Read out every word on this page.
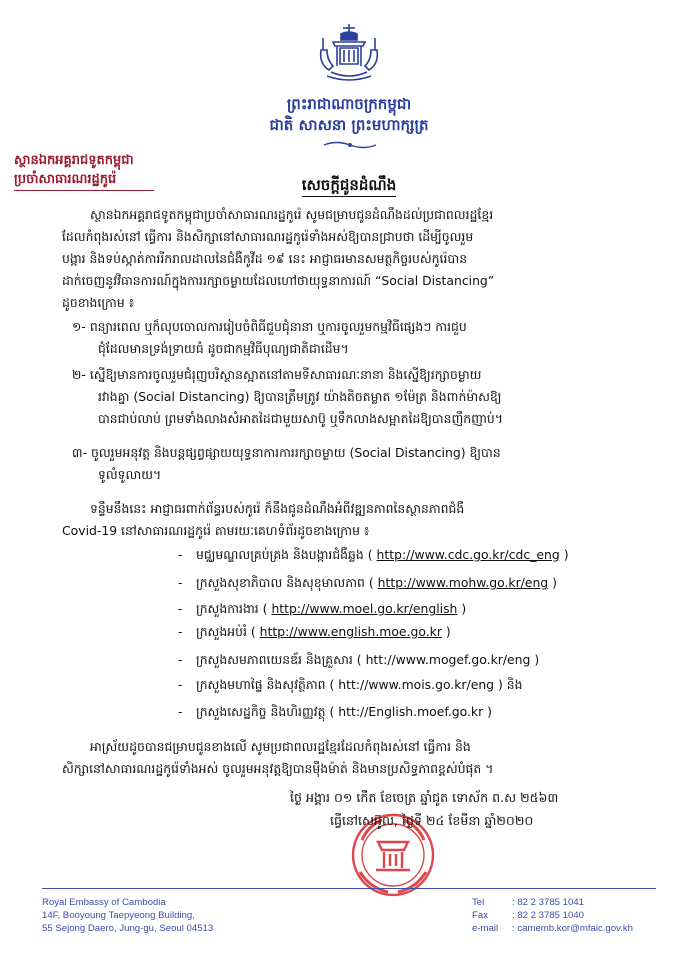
ព្រះរាជាណាចក្រកម្ពុជា
ជាតិ សាសនា ព្រះមហាក្សត្រ
ស្ថានឯកអគ្គរាជទូតកម្ពុជា
ប្រចាំសាធារណរដ្ឋកូរ៉េ	សេចក្តីជូនដំណឹង
ស្ថានឯកអគ្គរាជទូតកម្ពុជាប្រចាំសាធារណរដ្ឋកូរ៉េ សូមជម្រាបជូនដំណឹងដល់ប្រជាពលរដ្ឋខ្មែរ
ដែលកំពុងរស់នៅ ធ្វើការ និងសិក្សានៅសាធារណរដ្ឋកូរ៉េទាំងអស់ឱ្យបានជ្រាបថា ដើម្បីចូលរួម
បង្ការ និងទប់ស្កាត់ការរីករាលដាលនៃជំងឺកូវីដ ១៩ នេះ អាជ្ញាធរមានសមត្ថកិច្ចរបស់កូរ៉េបាន
ដាក់ចេញនូវវិធានការណ៍ក្នុងការរក្សាចម្ងាយដែលហៅថាយុទ្ធនាការណ៍ “Social Distancing”
ដូចខាងក្រោម ៖
១- ពន្យារពេល ឬក៏លុបចោលការរៀបចំពិធីជួបជុំនានា ឬការចូលរួមកម្មវិធីផ្សេងៗ ការជួប
ជុំដែលមានទ្រង់ទ្រាយធំ ដូចជាកម្មវិធីបុណ្យជាតិជាដើម។
២- ស្នើឱ្យមានការចូលរួមជំរុញបរិស្ថានស្អាតនៅតាមទីសាធារណៈនានា និងស្នើឱ្យរក្សាចម្ងាយ
រវាងគ្នា (Social Distancing) ឱ្យបានត្រឹមត្រូវ យ៉ាងតិចតម្លាត ១ម៉ែត្រ និងពាក់ម៉ាសឱ្យ
បានជាប់លាប់ ព្រមទាំងលាងសំអាតដៃជាមួយសាប៊ូ ឬទឹកលាងសម្អាតដៃឱ្យបានញឹកញាប់។
៣- ចូលរួមអនុវត្ត និងបន្តផ្សព្វផ្សាយយុទ្ធនាការការរក្សាចម្ងាយ (Social Distancing) ឱ្យបាន
ទូលំទូលាយ។
ទន្ទឹមនឹងនេះ អាជ្ញាធរពាក់ព័ន្ធរបស់កូរ៉េ ក៏នឹងជូនដំណឹងអំពីវឌ្ឍនភាពនៃស្ថានភាពជំងឺ
Covid-19 នៅសាធារណរដ្ឋកូរ៉េ តាមរយៈគេហទំព័រដូចខាងក្រោម ៖
- មជ្ឈមណ្ឌលគ្រប់គ្រង និងបង្ការជំងឺឆ្លង ( http://www.cdc.go.kr/cdc_eng )
- ក្រសួងសុខាភិបាល និងសុខុមាលភាព ( http://www.mohw.go.kr/eng )
- ក្រសួងការងារ ( http://www.moel.go.kr/english )
- ក្រសួងអប់រំ ( http://www.english.moe.go.kr )
- ក្រសួងសមភាពយេនឌ័រ និងគ្រួសារ ( htt://www.mogef.go.kr/eng )
- ក្រសួងមហាផ្ទៃ និងសុវត្ថិភាព ( htt://www.mois.go.kr/eng ) និង
- ក្រសួងសេដ្ឋកិច្ច និងហិរញ្ញវត្ថុ ( htt://English.moef.go.kr )
អាស្រ័យដូចបានជម្រាបជូនខាងលើ សូមប្រជាពលរដ្ឋខ្មែរដែលកំពុងរស់នៅ ធ្វើការ និង
សិក្សានៅសាធារណរដ្ឋកូរ៉េទាំងអស់ ចូលរួមអនុវត្តឱ្យបានម៉ឺងម៉ាត់ និងមានប្រសិទ្ធភាពខ្ពស់បំផុត ។
ថ្ងៃ អង្គារ ០១ កើត ខែចេត្រ ឆ្នាំជូត ទោស័ក ព.ស ២៥៦៣
ធ្វើនៅសេអ៊ូល, ថ្ងៃទី ២៤ ខែមីនា ឆ្នាំ២០២០
Royal Embassy of Cambodia
14F, Booyoung Taepyeong Building,
55 Sejong Daero, Jung-gu, Seoul 04513
Tel	: 82 2 3785 1041
Fax	: 82 2 3785 1040
e-mail : camemb.kor@mfaic.gov.kh
